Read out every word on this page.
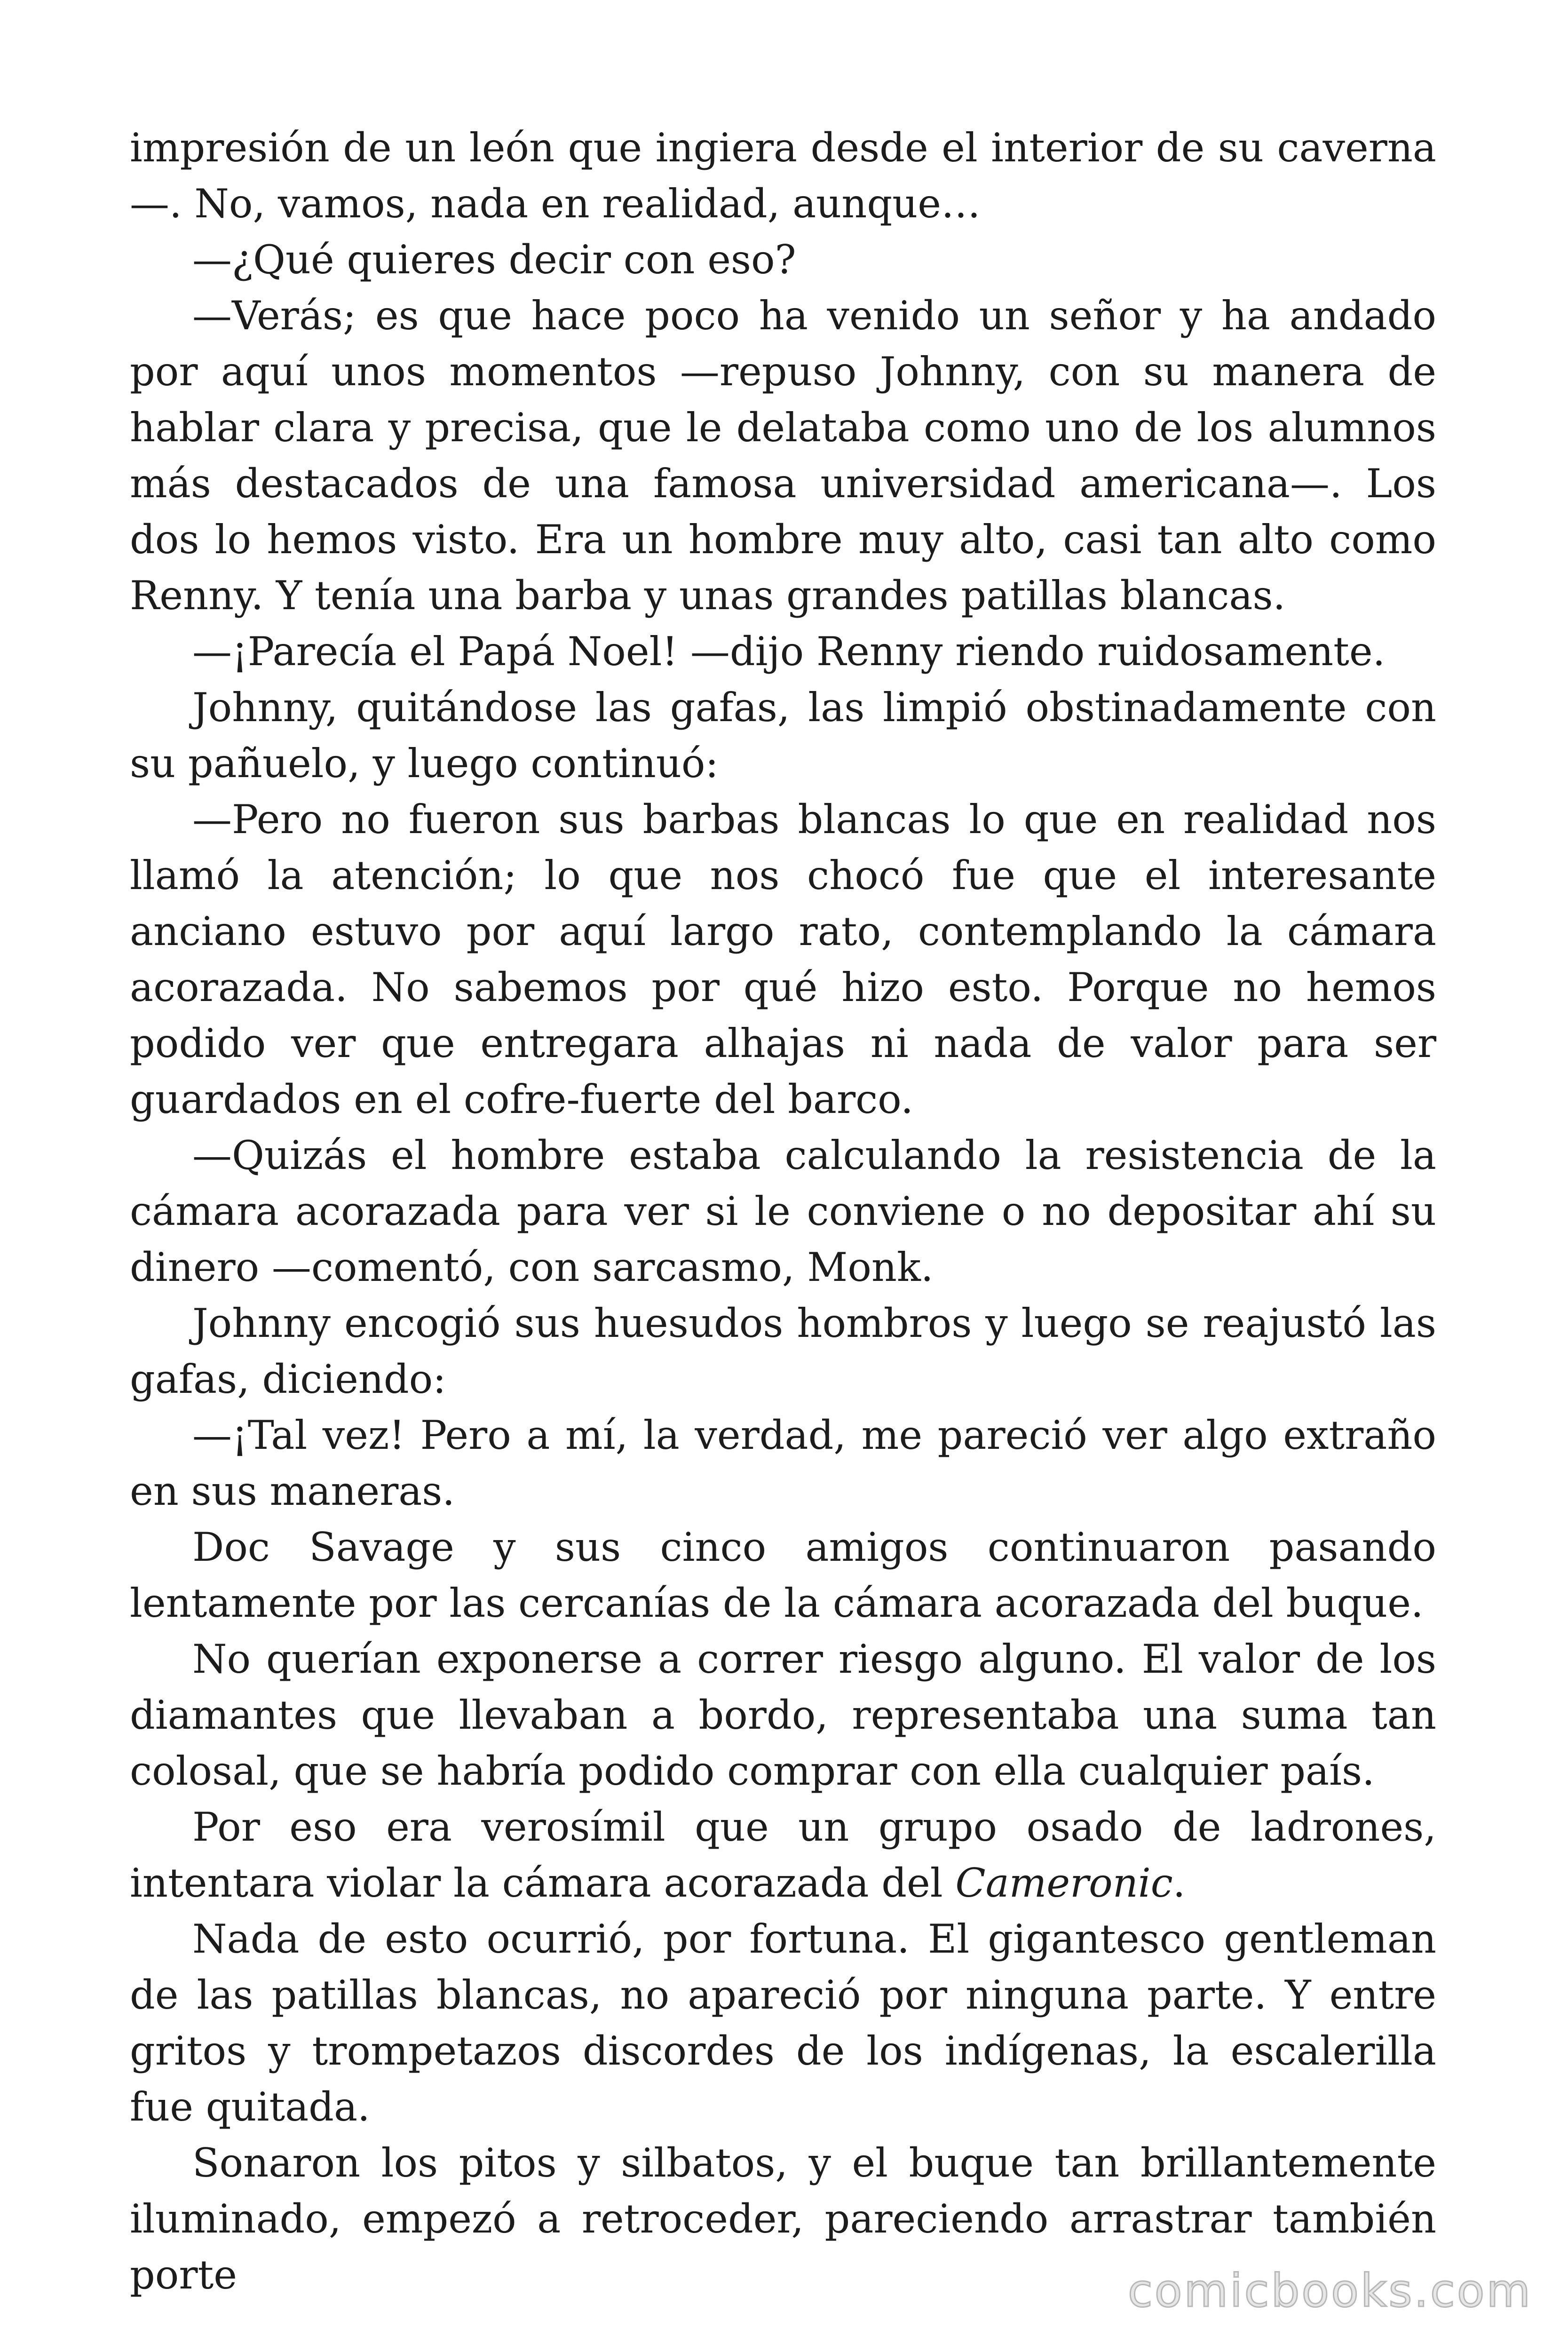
impresión de un león que ingiera desde el interior de su caverna—. No, vamos, nada en realidad, aunque…

—¿Qué quieres decir con eso?

—Verás; es que hace poco ha venido un señor y ha andado por aquí unos momentos —repuso Johnny, con su manera de hablar clara y precisa, que le delataba como uno de los alumnos más destacados de una famosa universidad americana—. Los dos lo hemos visto. Era un hombre muy alto, casi tan alto como Renny. Y tenía una barba y unas grandes patillas blancas.

—¡Parecía el Papá Noel! —dijo Renny riendo ruidosamente.

Johnny, quitándose las gafas, las limpió obstinadamente con su pañuelo, y luego continuó:

—Pero no fueron sus barbas blancas lo que en realidad nos llamó la atención; lo que nos chocó fue que el interesante anciano estuvo por aquí largo rato, contemplando la cámara acorazada. No sabemos por qué hizo esto. Porque no hemos podido ver que entregara alhajas ni nada de valor para ser guardados en el cofre-fuerte del barco.

—Quizás el hombre estaba calculando la resistencia de la cámara acorazada para ver si le conviene o no depositar ahí su dinero —comentó, con sarcasmo, Monk.

Johnny encogió sus huesudos hombros y luego se reajustó las gafas, diciendo:

—¡Tal vez! Pero a mí, la verdad, me pareció ver algo extraño en sus maneras.

Doc Savage y sus cinco amigos continuaron pasando lentamente por las cercanías de la cámara acorazada del buque.

No querían exponerse a correr riesgo alguno. El valor de los diamantes que llevaban a bordo, representaba una suma tan colosal, que se habría podido comprar con ella cualquier país.

Por eso era verosímil que un grupo osado de ladrones, intentara violar la cámara acorazada del Cameronic.

Nada de esto ocurrió, por fortuna. El gigantesco gentleman de las patillas blancas, no apareció por ninguna parte. Y entre gritos y trompetazos discordes de los indígenas, la escalerilla fue quitada.

Sonaron los pitos y silbatos, y el buque tan brillantemente iluminado, empezó a retroceder, pareciendo arrastrar también porte	comicbooks.com
